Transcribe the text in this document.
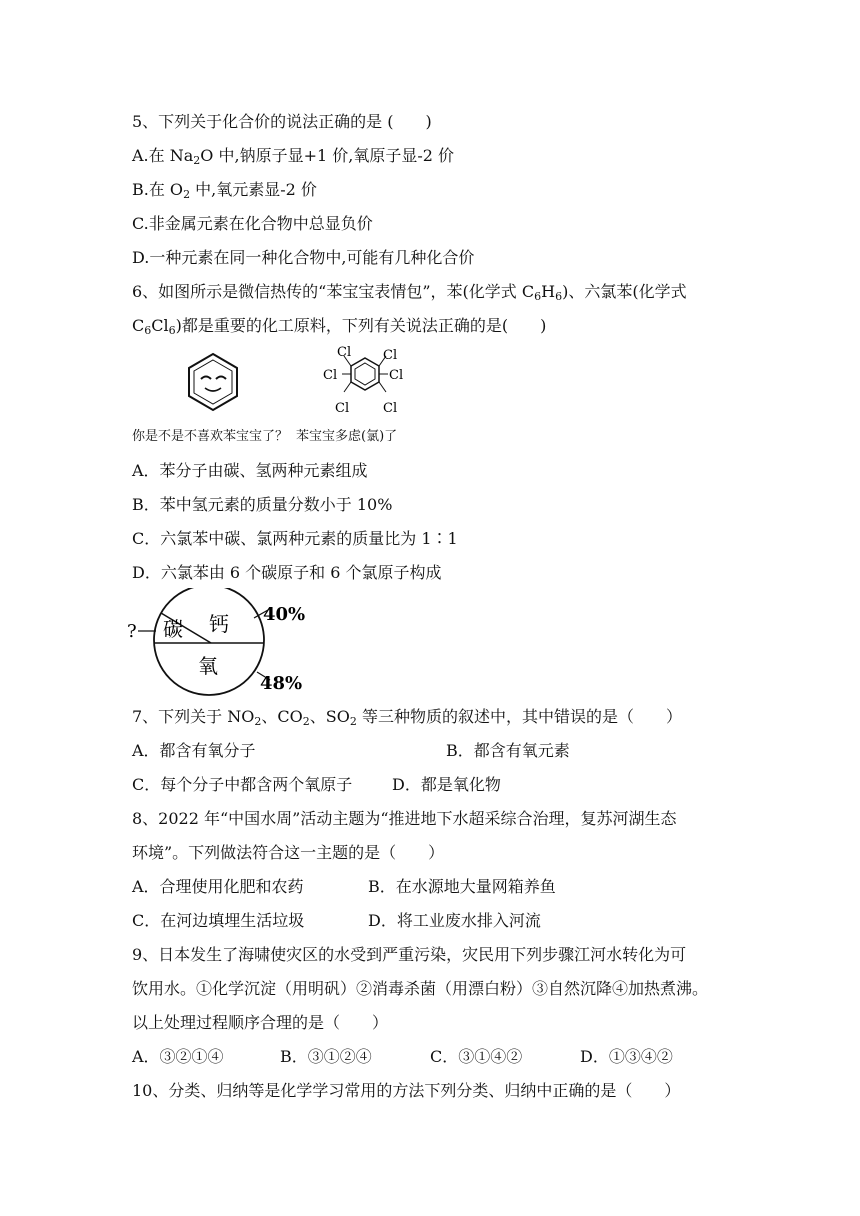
5、下列关于化合价的说法正确的是 (　　)
A.在 $Na_2O$ 中,钠原子显+1 价,氧原子显-2 价
B.在 $O_2$ 中,氧元素显-2 价
C.非金属元素在化合物中总显负价
D.一种元素在同一种化合物中,可能有几种化合价
6、如图所示是微信热传的“苯宝宝表情包”，苯(化学式 $C_6H_6$)、六氯苯(化学式
$C_6Cl_6$)都是重要的化工原料，下列有关说法正确的是(　　)
Cl Cl
Cl	Cl
Cl	Cl
你是不是不喜欢苯宝宝了？ 苯宝宝多虑(氯)了
A．苯分子由碳、氢两种元素组成
B．苯中氢元素的质量分数小于 10%
C．六氯苯中碳、氯两种元素的质量比为 1∶1
D．六氯苯由 6 个碳原子和 6 个氯原子构成
? 碳 钙
氧
40%
48%
7、下列关于 $NO_2$、$CO_2$、$SO_2$ 等三种物质的叙述中，其中错误的是（　　）
A．都含有氧分子	B．都含有氧元素
C．每个分子中都含两个氧原子 D．都是氧化物
8、2022 年“中国水周”活动主题为“推进地下水超采综合治理，复苏河湖生态
环境”。下列做法符合这一主题的是（　　）
A．合理使用化肥和农药	B．在水源地大量网箱养鱼
C．在河边填埋生活垃圾	D．将工业废水排入河流
9、日本发生了海啸使灾区的水受到严重污染，灾民用下列步骤江河水转化为可
饮用水。①化学沉淀（用明矾）②消毒杀菌（用漂白粉）③自然沉降④加热煮沸。
以上处理过程顺序合理的是（　　）
A．③②①④	B．③①②④	C．③①④②	D．①③④②
10、分类、归纳等是化学学习常用的方法下列分类、归纳中正确的是（　　）
